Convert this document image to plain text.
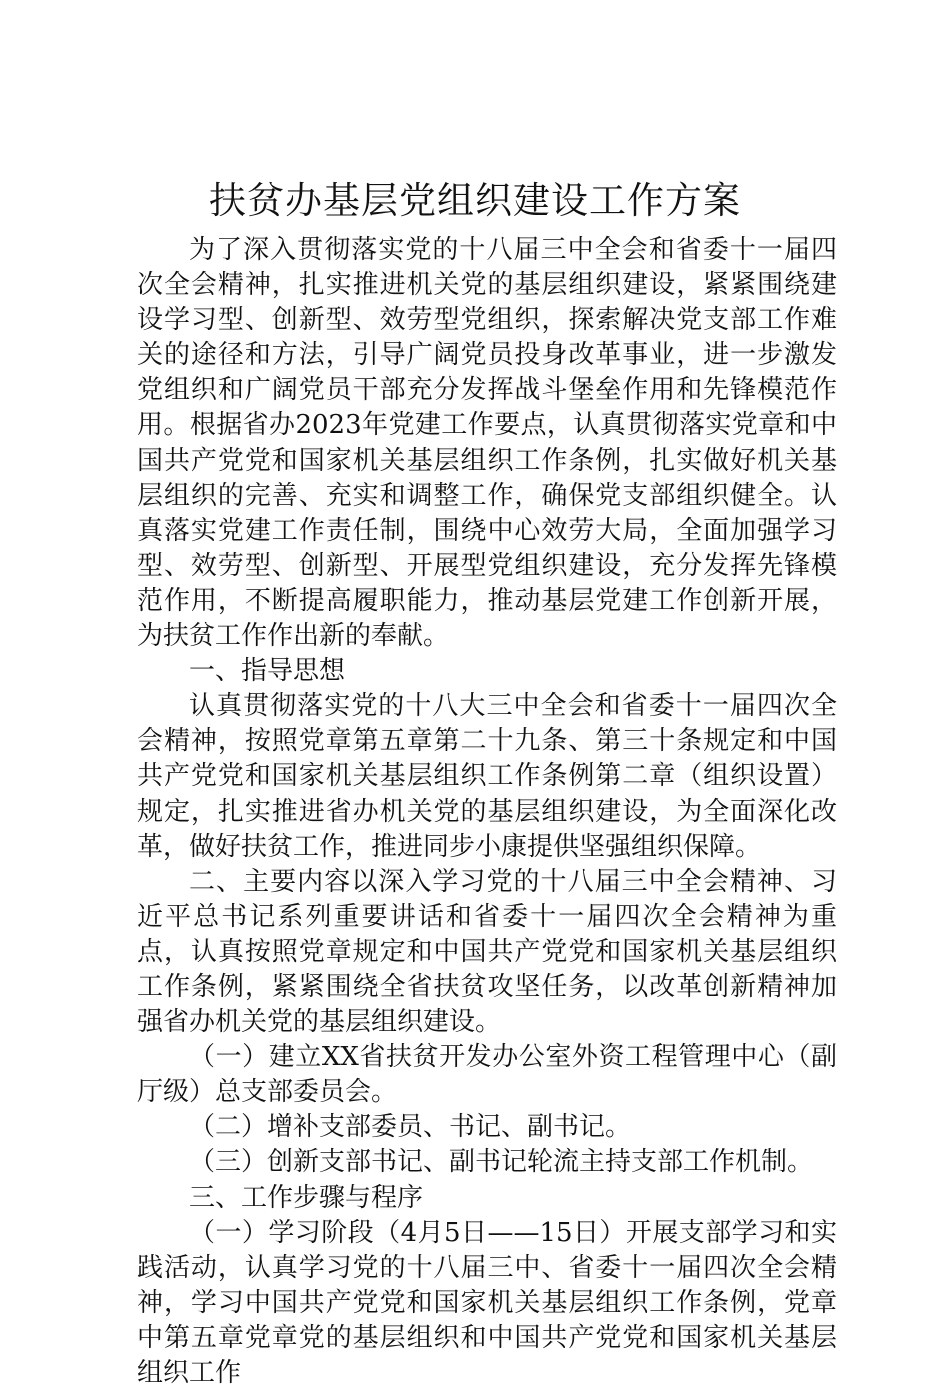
扶贫办基层党组织建设工作方案

为了深入贯彻落实党的十八届三中全会和省委十一届四次全会精神，扎实推进机关党的基层组织建设，紧紧围绕建设学习型、创新型、效劳型党组织，探索解决党支部工作难关的途径和方法，引导广阔党员投身改革事业，进一步激发党组织和广阔党员干部充分发挥战斗堡垒作用和先锋模范作用。根据省办2023年党建工作要点，认真贯彻落实党章和中国共产党党和国家机关基层组织工作条例，扎实做好机关基层组织的完善、充实和调整工作，确保党支部组织健全。认真落实党建工作责任制，围绕中心效劳大局，全面加强学习型、效劳型、创新型、开展型党组织建设，充分发挥先锋模范作用，不断提高履职能力，推动基层党建工作创新开展，为扶贫工作作出新的奉献。

一、指导思想

认真贯彻落实党的十八大三中全会和省委十一届四次全会精神，按照党章第五章第二十九条、第三十条规定和中国共产党党和国家机关基层组织工作条例第二章（组织设置）规定，扎实推进省办机关党的基层组织建设，为全面深化改革，做好扶贫工作，推进同步小康提供坚强组织保障。

二、主要内容以深入学习党的十八届三中全会精神、习近平总书记系列重要讲话和省委十一届四次全会精神为重点，认真按照党章规定和中国共产党党和国家机关基层组织工作条例，紧紧围绕全省扶贫攻坚任务，以改革创新精神加强省办机关党的基层组织建设。

（一）建立XX省扶贫开发办公室外资工程管理中心（副厅级）总支部委员会。

（二）增补支部委员、书记、副书记。

（三）创新支部书记、副书记轮流主持支部工作机制。

三、工作步骤与程序

（一）学习阶段（4月5日——15日）开展支部学习和实践活动，认真学习党的十八届三中、省委十一届四次全会精神，学习中国共产党党和国家机关基层组织工作条例，党章中第五章党章党的基层组织和中国共产党党和国家机关基层组织工作
